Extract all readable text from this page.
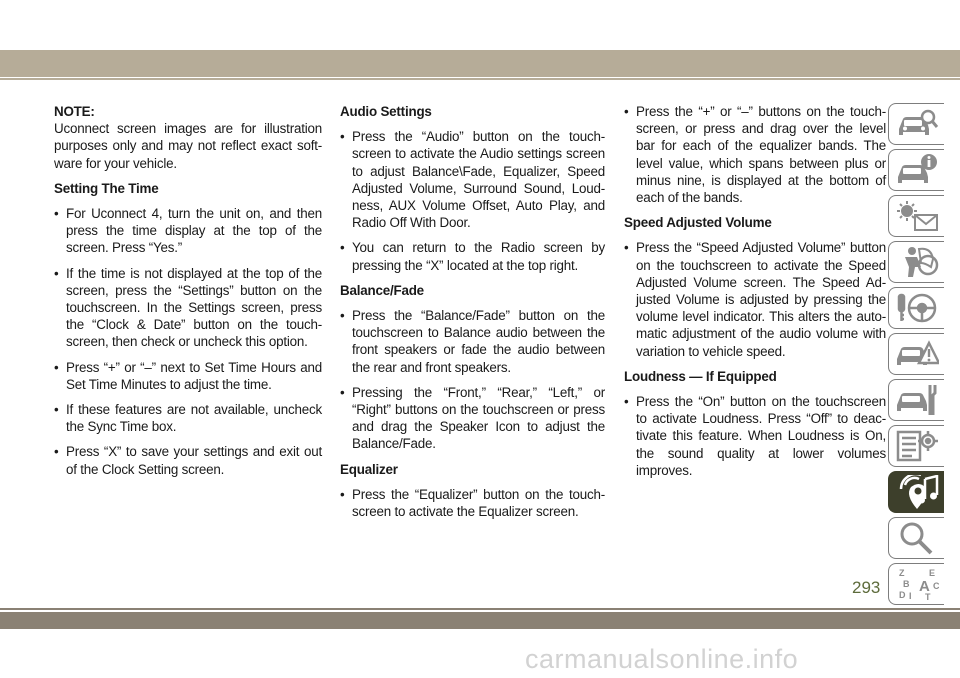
NOTE:

Uconnect screen images are for illustration purposes only and may not reflect exact soft-ware for your vehicle.

Setting The Time
• For Uconnect 4, turn the unit on, and then press the time display at the top of the screen. Press “Yes.”
• If the time is not displayed at the top of the screen, press the “Settings” button on the touchscreen. In the Settings screen, press the “Clock & Date” button on the touch-screen, then check or uncheck this option.
• Press “+” or “–” next to Set Time Hours and Set Time Minutes to adjust the time.
• If these features are not available, uncheck the Sync Time box.
• Press “X” to save your settings and exit out of the Clock Setting screen.
Audio Settings
• Press the “Audio” button on the touch-screen to activate the Audio settings screen to adjust Balance\Fade, Equalizer, Speed Adjusted Volume, Surround Sound, Loud-ness, AUX Volume Offset, Auto Play, and Radio Off With Door.
• You can return to the Radio screen by pressing the “X” located at the top right.
Balance/Fade
• Press the “Balance/Fade” button on the touchscreen to Balance audio between the front speakers or fade the audio between the rear and front speakers.
• Pressing the “Front,” “Rear,” “Left,” or “Right” buttons on the touchscreen or press and drag the Speaker Icon to adjust the Balance/Fade.
Equalizer
• Press the “Equalizer” button on the touch-screen to activate the Equalizer screen.
• Press the “+” or “–” buttons on the touch-screen, or press and drag over the level bar for each of the equalizer bands. The level value, which spans between plus or minus nine, is displayed at the bottom of each of the bands.
Speed Adjusted Volume
• Press the “Speed Adjusted Volume” button on the touchscreen to activate the Speed Adjusted Volume screen. The Speed Ad-justed Volume is adjusted by pressing the volume level indicator. This alters the auto-matic adjustment of the audio volume with variation to vehicle speed.
Loudness — If Equipped
• Press the “On” button on the touchscreen to activate Loudness. Press “Off” to deac-tivate this feature. When Loudness is On, the sound quality at lower volumes improves.
Z	E
B A C
D I T
293
carmanualsonline.info
